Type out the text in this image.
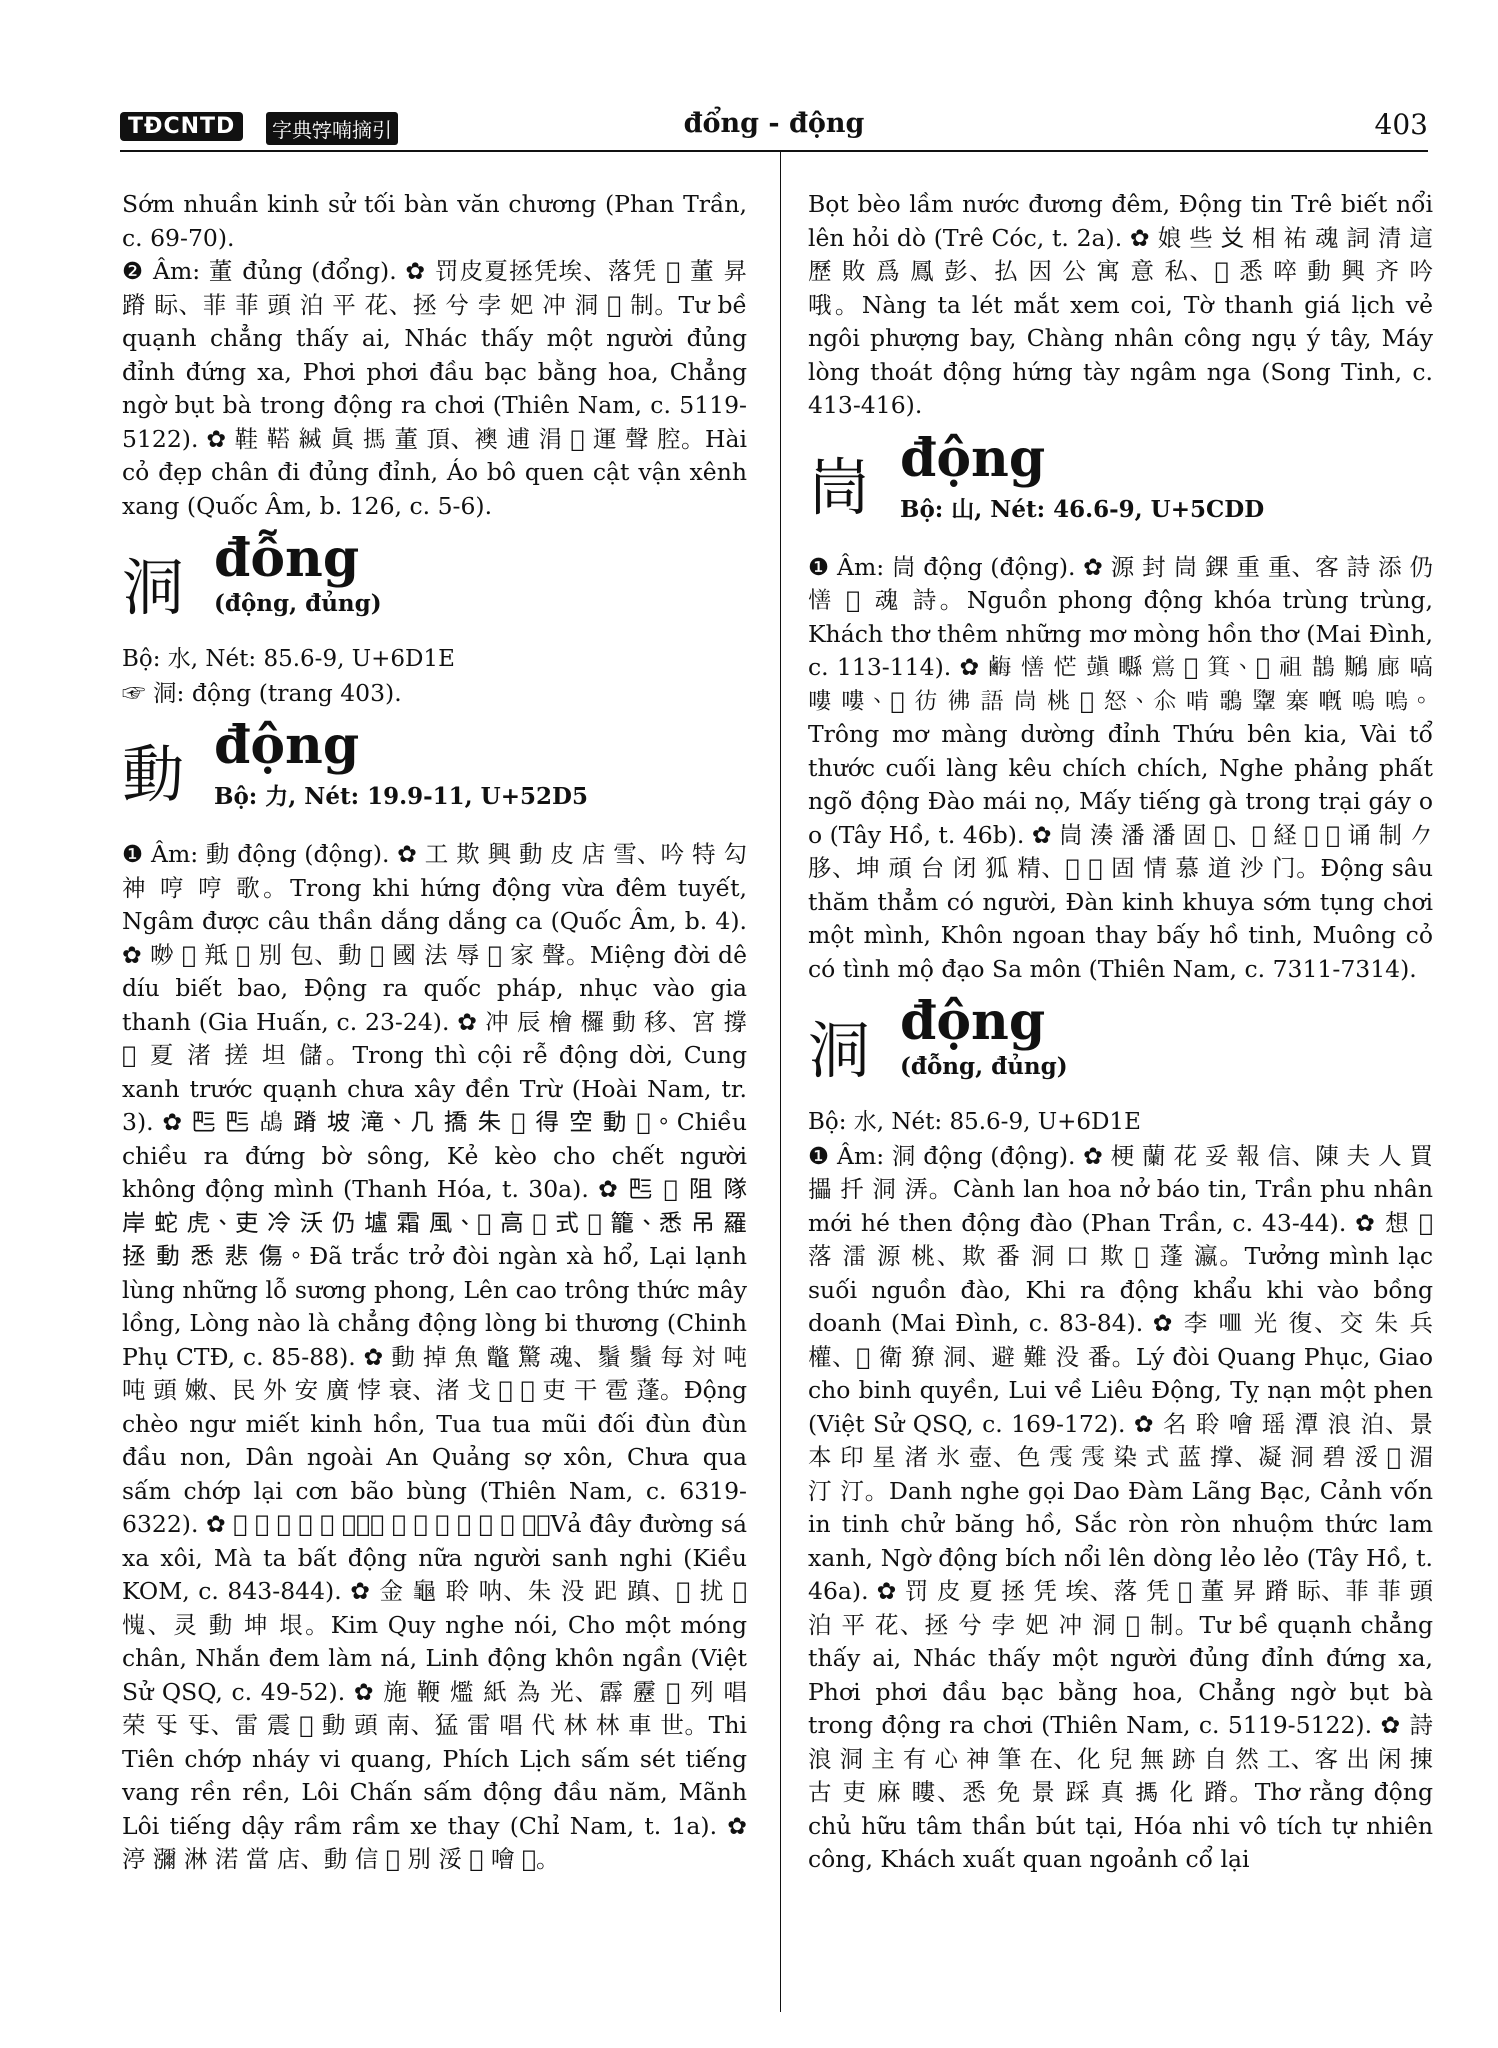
TĐCNTD	字典𡨸喃摘引	đổng - động	403

Sớm nhuần kinh sử tối bàn văn chương (Phan Trần, c. 69-70).

❷ Âm: 董 đủng (đổng). ✿ 罚皮夏拯凭埃、落凭 𤈜 董 昇 蹐 眎、菲 菲 頭 泊 平 花、拯 兮 孛 妑 冲 洞 𪀄 制。Tư bề quạnh chẳng thấy ai, Nhác thấy một người đủng đỉnh đứng xa, Phơi phơi đầu bạc bằng hoa, Chẳng ngờ bụt bà trong động ra chơi (Thiên Nam, c. 5119-5122). ✿ 鞋 𩌂 𦄅 眞 𢲫 董 頂、襖 逋 涓 𦚐 運 聲 腔。Hài cỏ đẹp chân đi đủng đỉnh, Áo bô quen cật vận xênh xang (Quốc Âm, b. 126, c. 5-6).

洞 đỗng
(động, đủng)

Bộ: 水, Nét: 85.6-9, U+6D1E

☞ 洞: động (trang 403).

動 động
Bộ: 力, Nét: 19.9-11, U+52D5

❶ Âm: 動 động (động). ✿ 工 欺 興 動 皮 店 雪、吟 特 勾 神 哼 哼 歌。Trong khi hứng động vừa đêm tuyết, Ngâm được câu thần dắng dắng ca (Quốc Âm, b. 4). ✿ 𠴕 𦹵 羝 𠰳 別 包、動 𪀄 國 法 辱 𠊚 家 聲。Miệng đời dê díu biết bao, Động ra quốc pháp, nhục vào gia thanh (Gia Huấn, c. 23-24). ✿ 冲 辰 檜 欏 動 移、宮 撐 𡐙 夏 渚 搓 坦 儲。Trong thì cội rễ động dời, Cung xanh trước quạnh chưa xây đền Trừ (Hoài Nam, tr. 3). ✿ 𠀧 𠀧 𪀄 蹐 坡 滝、几 撟 朱 𣩂 得 空 動 𨉓。Chiều chiều ra đứng bờ sông, Kẻ kèo cho chết người không động mình (Thanh Hóa, t. 30a). ✿ 𠀧 𡗶 阻 隊 岸 蛇 虎、吏 冷 沃 仍 壚 霜 風、𨖲 高 𩃳 式 𩄲 籠、悉 吊 羅 拯 動 悉 悲 傷。Đã trắc trở đòi ngàn xà hổ, Lại lạnh lùng những lỗ sương phong, Lên cao trông thức mây lồng, Lòng nào là chẳng động lòng bi thương (Chinh Phụ CTĐ, c. 85-88). ✿ 動 掉 魚 鼈 驚 魂、鬚 鬚 每 対 吨 吨 頭 嫩、民 外 安 廣 悖 衰、渚 戈 𩄎 𢫝 吏 干 雹 蓬。Động chèo ngư miết kinh hồn, Tua tua mũi đối đùn đùn đầu non, Dân ngoài An Quảng sợ xôn, Chưa qua sấm chớp lại cơn bão bùng (Thiên Nam, c. 6319-6322). ✿ 𦝄 低 塘 舍 賒 吹、麻 些 不 動 女 𨉓 生 疑。Vả đây đường sá xa xôi, Mà ta bất động nữa người sanh nghi (Kiều KOM, c. 843-844). ✿ 金 龜 聆 呐、朱 没 𧿆 蹎、𠸦 扰 𢀭 𢢯、灵 動 坤 垠。Kim Quy nghe nói, Cho một móng chân, Nhắn đem làm ná, Linh động khôn ngần (Việt Sử QSQ, c. 49-52). ✿ 施 鞭 爁 紙 為 光、霹 靂 𨋤 列 唱 荣 㸦 㸦、雷 震 𨋤 動 頭 南、猛 雷 唱 代 林 林 車 世。Thi Tiên chớp nháy vi quang, Phích Lịch sấm sét tiếng vang rền rền, Lôi Chấn sấm động đầu năm, Mãnh Lôi tiếng dậy rầm rầm xe thay (Chỉ Nam, t. 1a). ✿ 渟 瀰 淋 渃 當 店、動 信 𩵜 別 浽 𨖲 噲 𡁼。

Bọt bèo lầm nước đương đêm, Động tin Trê biết nổi lên hỏi dò (Trê Cóc, t. 2a). ✿ 娘 些 𠬠 相 祐 魂 詞 清 這 歷 敗 爲 鳳 彭、払 因 公 寓 意 私、𥋳 悉 啐 動 興 齐 吟 哦。Nàng ta lét mắt xem coi, Tờ thanh giá lịch vẻ ngôi phượng bay, Chàng nhân công ngụ ý tây, Máy lòng thoát động hứng tày ngâm nga (Song Tinh, c. 413-416).

峝 động
Bộ: 山, Nét: 46.6-9, U+5CDD

❶ Âm: 峝 động (động). ✿ 源 封 峝 錁 重 重、客 詩 添 仍 𢢆 𢣧 魂 詩。Nguồn phong động khóa trùng trùng, Khách thơ thêm những mơ mòng hồn thơ (Mai Đình, c. 113-114). ✿ 𪉥 𢢆 恾 𧰊 𥌭 鴬 𨖲 箕、𠸠 祖 鵲 𪆁 廊 嗃 嘍 嘍、𥉮 彷 彿 語 峝 桃 𠳨 怒、𠇍 啃 𪃿 𩍂 寨 嘅 嗚 嗚。Trông mơ màng dường đỉnh Thứu bên kia, Vài tổ thước cuối làng kêu chích chích, Nghe phảng phất ngõ động Đào mái nọ, Mấy tiếng gà trong trại gáy o o (Tây Hồ, t. 46b). ✿ 峝 湊 潘 潘 固 𨉓、𢬣 経 𧿆 𠄩 诵 制 𠂊 䏧、坤 頑 台 闭 狐 精、𤠄 𩌂 固 情 慕 道 沙 门。Động sâu thăm thẳm có người, Đàn kinh khuya sớm tụng chơi một mình, Khôn ngoan thay bấy hồ tinh, Muông cỏ có tình mộ đạo Sa môn (Thiên Nam, c. 7311-7314).

洞 động
(đỗng, đủng)

Bộ: 水, Nét: 85.6-9, U+6D1E

❶ Âm: 洞 động (động). ✿ 梗 蘭 花 妥 報 信、陳 夫 人 買 攂 扦 洞 㳥。Cành lan hoa nở báo tin, Trần phu nhân mới hé then động đào (Phan Trần, c. 43-44). ✿ 想 𨉓 落 㵢 源 桃、欺 番 洞 口 欺 𠊚 蓬 瀛。Tưởng mình lạc suối nguồn đào, Khi ra động khẩu khi vào bồng doanh (Mai Đình, c. 83-84). ✿ 李 𠰘 光 復、交 朱 兵 權、𨅸 衛 獠 洞、避 難 没 番。Lý đòi Quang Phục, Giao cho binh quyền, Lui về Liêu Động, Tỵ nạn một phen (Việt Sử QSQ, c. 169-172). ✿ 名 聆 噲 瑶 潭 浪 泊、景 本 印 星 渚 氷 壺、色 𩂟 𩂟 染 式 蓝 撑、凝 洞 碧 浽 𨖲 湄 汀 汀。Danh nghe gọi Dao Đàm Lãng Bạc, Cảnh vốn in tinh chử băng hồ, Sắc ròn ròn nhuộm thức lam xanh, Ngờ động bích nổi lên dòng lẻo lẻo (Tây Hồ, t. 46a). ✿ 罚 皮 夏 拯 凭 埃、落 凭 𤈜 董 昇 蹐 眎、菲 菲 頭 泊 平 花、拯 兮 孛 妑 冲 洞 𪀄 制。Tư bề quạnh chẳng thấy ai, Nhác thấy một người đủng đỉnh đứng xa, Phơi phơi đầu bạc bằng hoa, Chẳng ngờ bụt bà trong động ra chơi (Thiên Nam, c. 5119-5122). ✿ 詩 浪 洞 主 有 心 神 筆 在、化 兒 無 跡 自 然 工、客 出 闲 㨂 古 吏 麻 瞜、悉 免 景 踩 真 𢲫 化 蹐。Thơ rằng động chủ hữu tâm thần bút tại, Hóa nhi vô tích tự nhiên công, Khách xuất quan ngoảnh cổ lại
